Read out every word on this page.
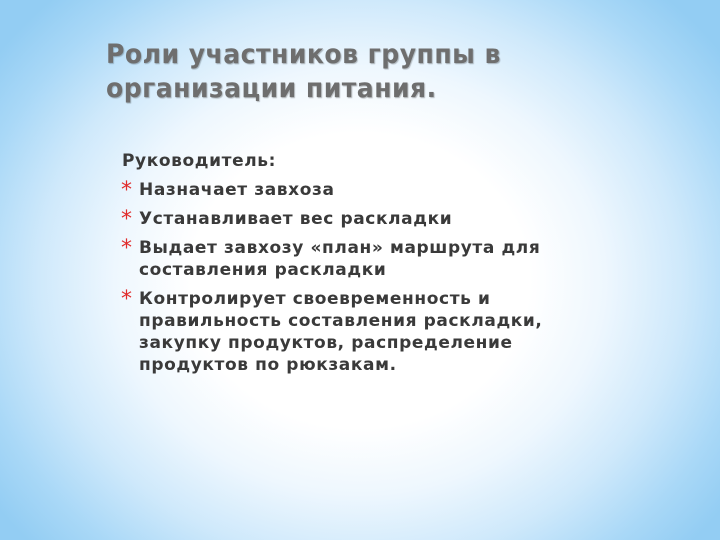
Роли участников группы в
организации питания.

Руководитель:

* Назначает завхоза
* Устанавливает вес раскладки
* Выдает завхозу «план» маршрута для составления раскладки
* Контролирует своевременность и правильность составления раскладки, закупку продуктов, распределение продуктов по рюкзакам.
